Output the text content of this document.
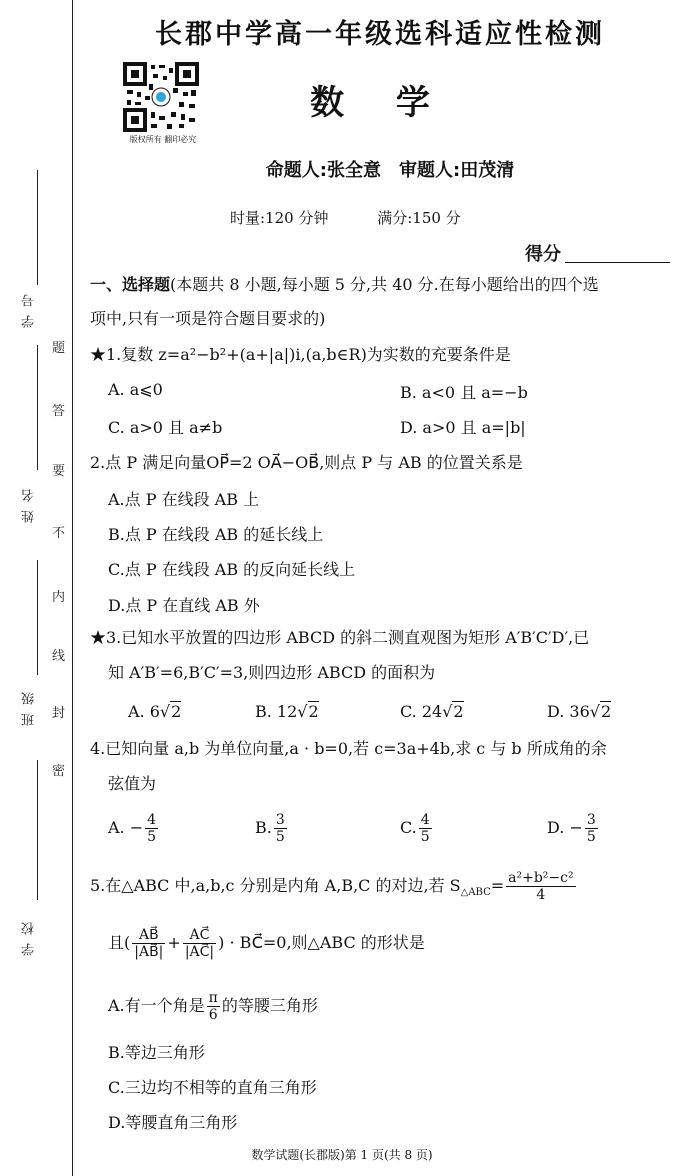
学 号
姓 名
班 级
学 校
密
封
线
内
不
要
答
题
长郡中学高一年级选科适应性检测
版权所有 翻印必究
数 学
命题人:张全意　审题人:田茂清
时量:120 分钟	满分:150 分
得分
一、选择题(本题共 8 小题,每小题 5 分,共 40 分.在每小题给出的四个选
项中,只有一项是符合题目要求的)
★1.复数 z=a²−b²+(a+|a|)i,(a,b∈R)为实数的充要条件是
A. a⩽0	B. a<0 且 a=−b
C. a>0 且 a≠b	D. a>0 且 a=|b|
2.点 P 满足向量OP⃗=2 OA⃗−OB⃗,则点 P 与 AB 的位置关系是
A.点 P 在线段 AB 上
B.点 P 在线段 AB 的延长线上
C.点 P 在线段 AB 的反向延长线上
D.点 P 在直线 AB 外
★3.已知水平放置的四边形 ABCD 的斜二测直观图为矩形 A′B′C′D′,已
知 A′B′=6,B′C′=3,则四边形 ABCD 的面积为
A. 6√2	B. 12√2	C. 24√2	D. 36√2
4.已知向量 a,b 为单位向量,a · b=0,若 c=3a+4b,求 c 与 b 所成角的余
弦值为
A. − $\frac{4}{5}$	B. $\frac{3}{5}$	C. $\frac{4}{5}$	D. − $\frac{3}{5}$
5.在△ABC 中,a,b,c 分别是内角 A,B,C 的对边,若 $S_{\triangle ABC}= \frac{\text{a²+b²−c²}}{4}$
且( $\frac{AB⃗}{|AB⃗|} + \frac{AC⃗}{|AC⃗|}$ ) · BC⃗=0,则△ABC 的形状是
A.有一个角是 $\frac{\pi}{6}$ 的等腰三角形
B.等边三角形
C.三边均不相等的直角三角形
D.等腰直角三角形
数学试题(长郡版)第 1 页(共 8 页)
